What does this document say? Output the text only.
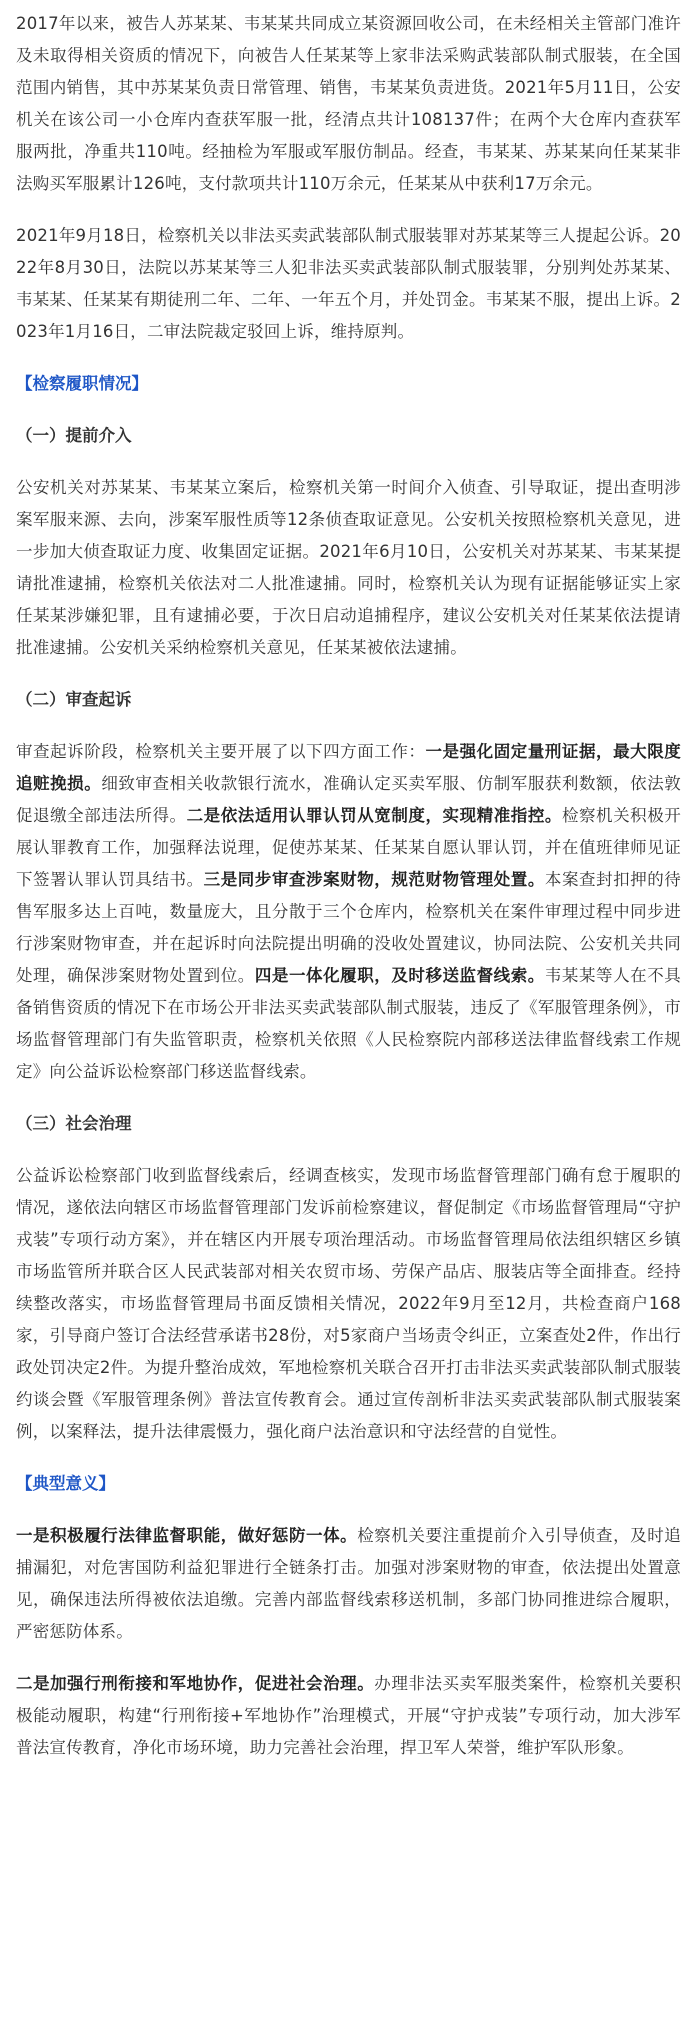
2017年以来，被告人苏某某、韦某某共同成立某资源回收公司，在未经相关主管部门准许及未取得相关资质的情况下，向被告人任某某等上家非法采购武装部队制式服装，在全国范围内销售，其中苏某某负责日常管理、销售，韦某某负责进货。2021年5月11日，公安机关在该公司一小仓库内查获军服一批，经清点共计108137件；在两个大仓库内查获军服两批，净重共110吨。经抽检为军服或军服仿制品。经查，韦某某、苏某某向任某某非法购买军服累计126吨，支付款项共计110万余元，任某某从中获利17万余元。

2021年9月18日，检察机关以非法买卖武装部队制式服装罪对苏某某等三人提起公诉。2022年8月30日，法院以苏某某等三人犯非法买卖武装部队制式服装罪，分别判处苏某某、韦某某、任某某有期徒刑二年、二年、一年五个月，并处罚金。韦某某不服，提出上诉。2023年1月16日，二审法院裁定驳回上诉，维持原判。

【检察履职情况】
（一）提前介入

公安机关对苏某某、韦某某立案后，检察机关第一时间介入侦查、引导取证，提出查明涉案军服来源、去向，涉案军服性质等12条侦查取证意见。公安机关按照检察机关意见，进一步加大侦查取证力度、收集固定证据。2021年6月10日，公安机关对苏某某、韦某某提请批准逮捕，检察机关依法对二人批准逮捕。同时，检察机关认为现有证据能够证实上家任某某涉嫌犯罪，且有逮捕必要，于次日启动追捕程序，建议公安机关对任某某依法提请批准逮捕。公安机关采纳检察机关意见，任某某被依法逮捕。

（二）审查起诉

审查起诉阶段，检察机关主要开展了以下四方面工作：一是强化固定量刑证据，最大限度追赃挽损。细致审查相关收款银行流水，准确认定买卖军服、仿制军服获利数额，依法敦促退缴全部违法所得。二是依法适用认罪认罚从宽制度，实现精准指控。检察机关积极开展认罪教育工作，加强释法说理，促使苏某某、任某某自愿认罪认罚，并在值班律师见证下签署认罪认罚具结书。三是同步审查涉案财物，规范财物管理处置。本案查封扣押的待售军服多达上百吨，数量庞大，且分散于三个仓库内，检察机关在案件审理过程中同步进行涉案财物审查，并在起诉时向法院提出明确的没收处置建议，协同法院、公安机关共同处理，确保涉案财物处置到位。四是一体化履职，及时移送监督线索。韦某某等人在不具备销售资质的情况下在市场公开非法买卖武装部队制式服装，违反了《军服管理条例》，市场监督管理部门有失监管职责，检察机关依照《人民检察院内部移送法律监督线索工作规定》向公益诉讼检察部门移送监督线索。

（三）社会治理

公益诉讼检察部门收到监督线索后，经调查核实，发现市场监督管理部门确有怠于履职的情况，遂依法向辖区市场监督管理部门发诉前检察建议，督促制定《市场监督管理局“守护戎装”专项行动方案》，并在辖区内开展专项治理活动。市场监督管理局依法组织辖区乡镇市场监管所并联合区人民武装部对相关农贸市场、劳保产品店、服装店等全面排查。经持续整改落实，市场监督管理局书面反馈相关情况，2022年9月至12月，共检查商户168家，引导商户签订合法经营承诺书28份，对5家商户当场责令纠正，立案查处2件，作出行政处罚决定2件。为提升整治成效，军地检察机关联合召开打击非法买卖武装部队制式服装约谈会暨《军服管理条例》普法宣传教育会。通过宣传剖析非法买卖武装部队制式服装案例，以案释法，提升法律震慑力，强化商户法治意识和守法经营的自觉性。

【典型意义】

一是积极履行法律监督职能，做好惩防一体。检察机关要注重提前介入引导侦查，及时追捕漏犯，对危害国防利益犯罪进行全链条打击。加强对涉案财物的审查，依法提出处置意见，确保违法所得被依法追缴。完善内部监督线索移送机制，多部门协同推进综合履职，严密惩防体系。

二是加强行刑衔接和军地协作，促进社会治理。办理非法买卖军服类案件，检察机关要积极能动履职，构建“行刑衔接+军地协作”治理模式，开展“守护戎装”专项行动，加大涉军普法宣传教育，净化市场环境，助力完善社会治理，捍卫军人荣誉，维护军队形象。
